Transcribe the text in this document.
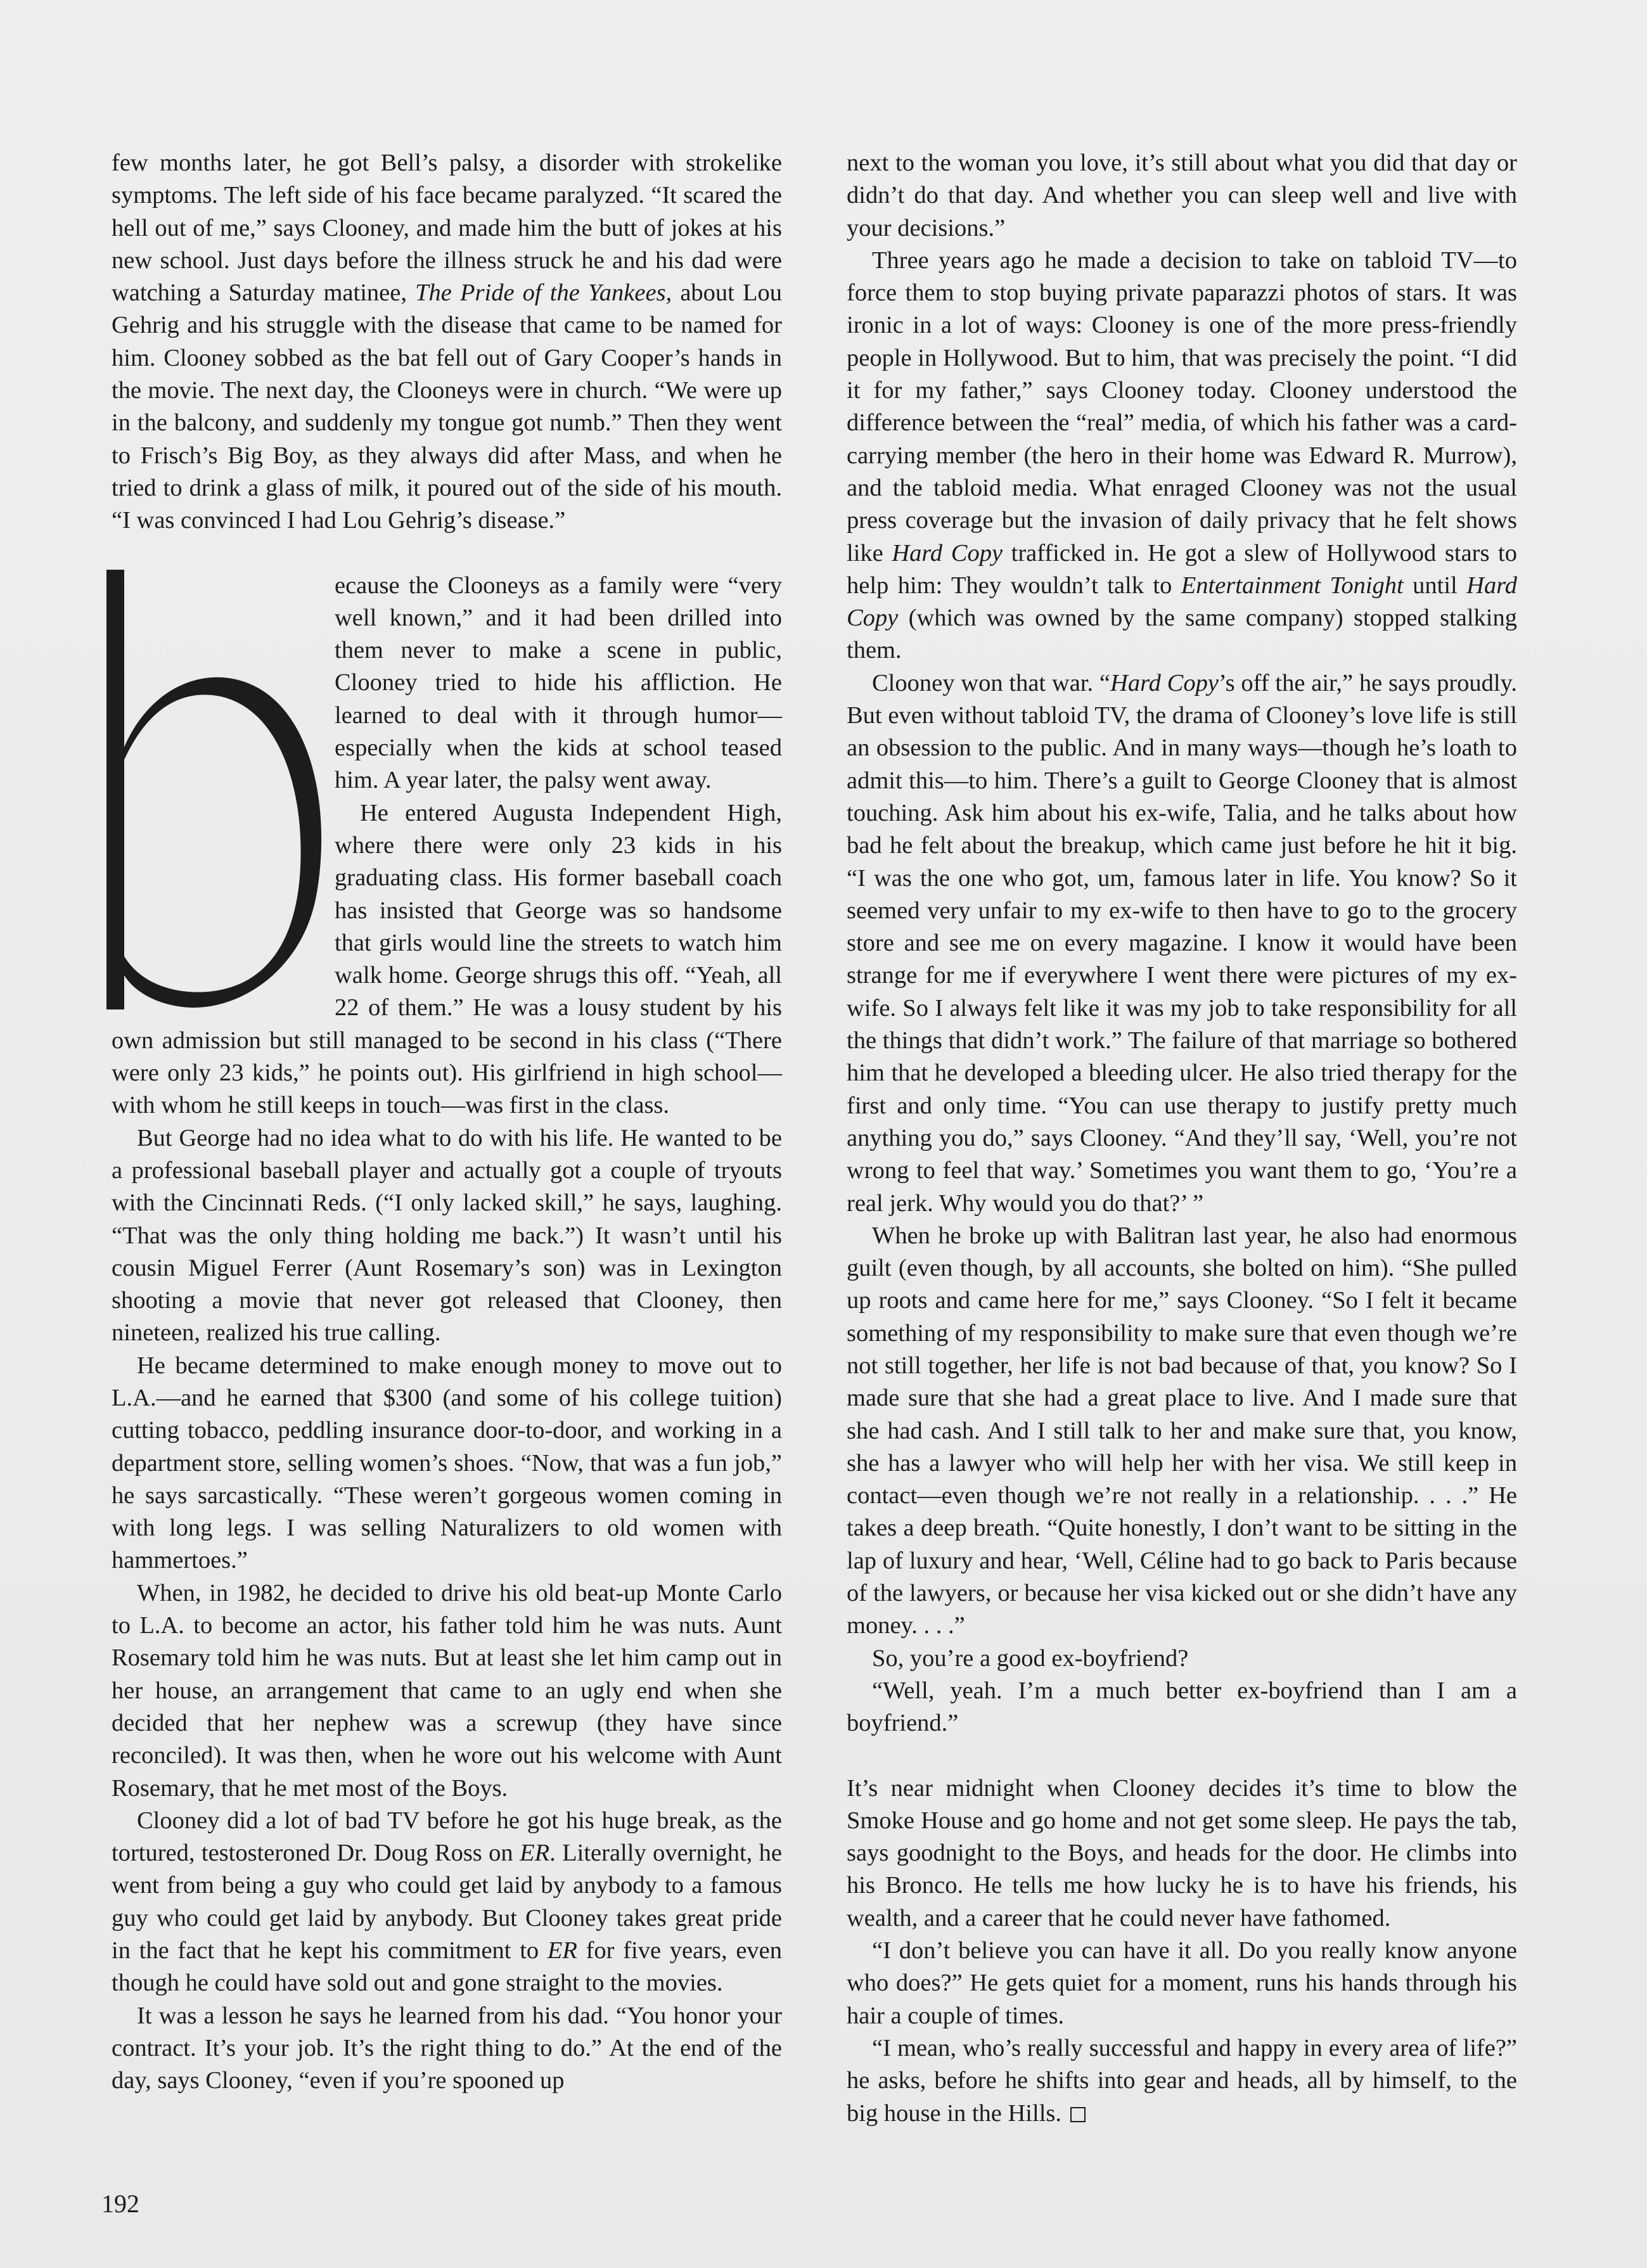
few months later, he got Bell’s palsy, a disorder with strokelike symptoms. The left side of his face became paralyzed. “It scared the hell out of me,” says Clooney, and made him the butt of jokes at his new school. Just days before the illness struck he and his dad were watching a Saturday matinee, The Pride of the Yankees, about Lou Gehrig and his struggle with the disease that came to be named for him. Clooney sobbed as the bat fell out of Gary Cooper’s hands in the movie. The next day, the Clooneys were in church. “We were up in the balcony, and suddenly my tongue got numb.” Then they went to Frisch’s Big Boy, as they always did after Mass, and when he tried to drink a glass of milk, it poured out of the side of his mouth. “I was convinced I had Lou Gehrig’s disease.”

ecause the Clooneys as a family were “very well known,” and it had been drilled into them never to make a scene in public, Clooney tried to hide his affliction. He learned to deal with it through humor—especially when the kids at school teased him. A year later, the palsy went away.

He entered Augusta Independent High, where there were only 23 kids in his graduating class. His former baseball coach has insisted that George was so handsome that girls would line the streets to watch him walk home. George shrugs this off. “Yeah, all 22 of them.” He was a lousy student by his own admission but still managed to be second in his class (“There were only 23 kids,” he points out). His girlfriend in high school—with whom he still keeps in touch—was first in the class.

But George had no idea what to do with his life. He wanted to be a professional baseball player and actually got a couple of tryouts with the Cincinnati Reds. (“I only lacked skill,” he says, laughing. “That was the only thing holding me back.”) It wasn’t until his cousin Miguel Ferrer (Aunt Rosemary’s son) was in Lexington shooting a movie that never got released that Clooney, then nineteen, realized his true calling.

He became determined to make enough money to move out to L.A.—and he earned that $300 (and some of his college tuition) cutting tobacco, peddling insurance door-to-door, and working in a department store, selling women’s shoes. “Now, that was a fun job,” he says sarcastically. “These weren’t gorgeous women coming in with long legs. I was selling Naturalizers to old women with hammertoes.”

When, in 1982, he decided to drive his old beat-up Monte Carlo to L.A. to become an actor, his father told him he was nuts. Aunt Rosemary told him he was nuts. But at least she let him camp out in her house, an arrangement that came to an ugly end when she decided that her nephew was a screwup (they have since reconciled). It was then, when he wore out his welcome with Aunt Rosemary, that he met most of the Boys.

Clooney did a lot of bad TV before he got his huge break, as the tortured, testosteroned Dr. Doug Ross on ER. Literally overnight, he went from being a guy who could get laid by anybody to a famous guy who could get laid by anybody. But Clooney takes great pride in the fact that he kept his commitment to ER for five years, even though he could have sold out and gone straight to the movies.

It was a lesson he says he learned from his dad. “You honor your contract. It’s your job. It’s the right thing to do.” At the end of the day, says Clooney, “even if you’re spooned up

next to the woman you love, it’s still about what you did that day or didn’t do that day. And whether you can sleep well and live with your decisions.”

Three years ago he made a decision to take on tabloid TV—to force them to stop buying private paparazzi photos of stars. It was ironic in a lot of ways: Clooney is one of the more press-friendly people in Hollywood. But to him, that was precisely the point. “I did it for my father,” says Clooney today. Clooney understood the difference between the “real” media, of which his father was a card-carrying member (the hero in their home was Edward R. Murrow), and the tabloid media. What enraged Clooney was not the usual press coverage but the invasion of daily privacy that he felt shows like Hard Copy trafficked in. He got a slew of Hollywood stars to help him: They wouldn’t talk to Entertainment Tonight until Hard Copy (which was owned by the same company) stopped stalking them.

Clooney won that war. “Hard Copy’s off the air,” he says proudly. But even without tabloid TV, the drama of Clooney’s love life is still an obsession to the public. And in many ways—though he’s loath to admit this—to him. There’s a guilt to George Clooney that is almost touching. Ask him about his ex-wife, Talia, and he talks about how bad he felt about the breakup, which came just before he hit it big. “I was the one who got, um, famous later in life. You know? So it seemed very unfair to my ex-wife to then have to go to the grocery store and see me on every magazine. I know it would have been strange for me if everywhere I went there were pictures of my ex-wife. So I always felt like it was my job to take responsibility for all the things that didn’t work.” The failure of that marriage so bothered him that he developed a bleeding ulcer. He also tried therapy for the first and only time. “You can use therapy to justify pretty much anything you do,” says Clooney. “And they’ll say, ‘Well, you’re not wrong to feel that way.’ Sometimes you want them to go, ‘You’re a real jerk. Why would you do that?’ ”

When he broke up with Balitran last year, he also had enormous guilt (even though, by all accounts, she bolted on him). “She pulled up roots and came here for me,” says Clooney. “So I felt it became something of my responsibility to make sure that even though we’re not still together, her life is not bad because of that, you know? So I made sure that she had a great place to live. And I made sure that she had cash. And I still talk to her and make sure that, you know, she has a lawyer who will help her with her visa. We still keep in contact—even though we’re not really in a relationship. . . .” He takes a deep breath. “Quite honestly, I don’t want to be sitting in the lap of luxury and hear, ‘Well, Céline had to go back to Paris because of the lawyers, or because her visa kicked out or she didn’t have any money. . . .”

So, you’re a good ex-boyfriend?

“Well, yeah. I’m a much better ex-boyfriend than I am a boyfriend.”

It’s near midnight when Clooney decides it’s time to blow the Smoke House and go home and not get some sleep. He pays the tab, says goodnight to the Boys, and heads for the door. He climbs into his Bronco. He tells me how lucky he is to have his friends, his wealth, and a career that he could never have fathomed.

“I don’t believe you can have it all. Do you really know anyone who does?” He gets quiet for a moment, runs his hands through his hair a couple of times.

“I mean, who’s really successful and happy in every area of life?” he asks, before he shifts into gear and heads, all by himself, to the big house in the Hills.

192
